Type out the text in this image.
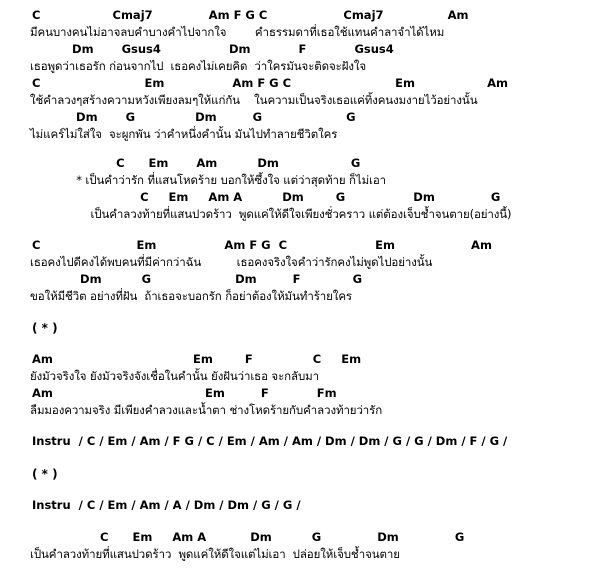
C                  Cmaj7              Am F G C                   Cmaj7                Am
มีคนบางคนไม่อาจลบคำบางคำไปจากใจ        คำธรรมดาที่เธอใช้แทนคำลาจำได้ไหม
Dm       Gsus4                 Dm            F            Gsus4
เธอพูดว่าเธอรัก ก่อนจากไป  เธอคงไม่เคยคิด  ว่าใครมันจะติดจะฝังใจ
C                          Em                 Am F G C                          Em                  Am
ใช้คำลวงๆสร้างความหวังเพียงลมๆให้แก่กัน    ในความเป็นจริงเธอแค่ทิ้งคนงมงายไว้อย่างนั้น
Dm       G               Dm         G                     G
ไม่แคร์ไม่ใส่ใจ  จะผูกพัน ว่าคำหนึ่งคำนั้น มันไปทำลายชีวิตใคร
C      Em       Am          Dm                  G
* เป็นคำว่ารัก ที่แสนโหดร้าย บอกให้ซึ้งใจ แต่ว่าสุดท้าย ก็ไม่เอา
C     Em     Am A          Dm        G                 Dm              G
เป็นคำลวงท้ายที่แสนปวดร้าว  พูดแค่ให้ดีใจเพียงชั่วคราว แต่ต้องเจ็บช้ำจนตาย(อย่างนี้)
C                        Em                 Am F G  C                      Em                   Am
เธอคงไปดีคงได้พบคนที่มีค่ากว่าฉัน          เธอคงจริงใจคำว่ารักคงไม่พูดไปอย่างนั้น
Dm          G                     Dm         F             G
ขอให้มีชีวิต อย่างที่ฝัน  ถ้าเธอจะบอกรัก ก็อย่าต้องให้มันทำร้ายใคร
( * )
Am                                   Em        F               C     Em
ยังมัวจริงใจ ยังมัวจริงจังเชื่อในคำนั้น ยังฝันว่าเธอ จะกลับมา
Am                                      Em         F            Fm
ลืมมองความจริง มีเพียงคำลวงและน้ำตา ช่างโหดร้ายกับคำลวงท้ายว่ารัก
Instru  / C / Em / Am / F G / C / Em / Am / Am / Dm / Dm / G / G / Dm / F / G /
( * )
Instru  / C / Em / Am / A / Dm / Dm / G / G /
C      Em     Am A           Dm          G              Dm              G
เป็นคำลวงท้ายที่แสนปวดร้าว  พูดแค่ให้ดีใจแต่ไม่เอา  ปล่อยให้เจ็บช้ำจนตาย
